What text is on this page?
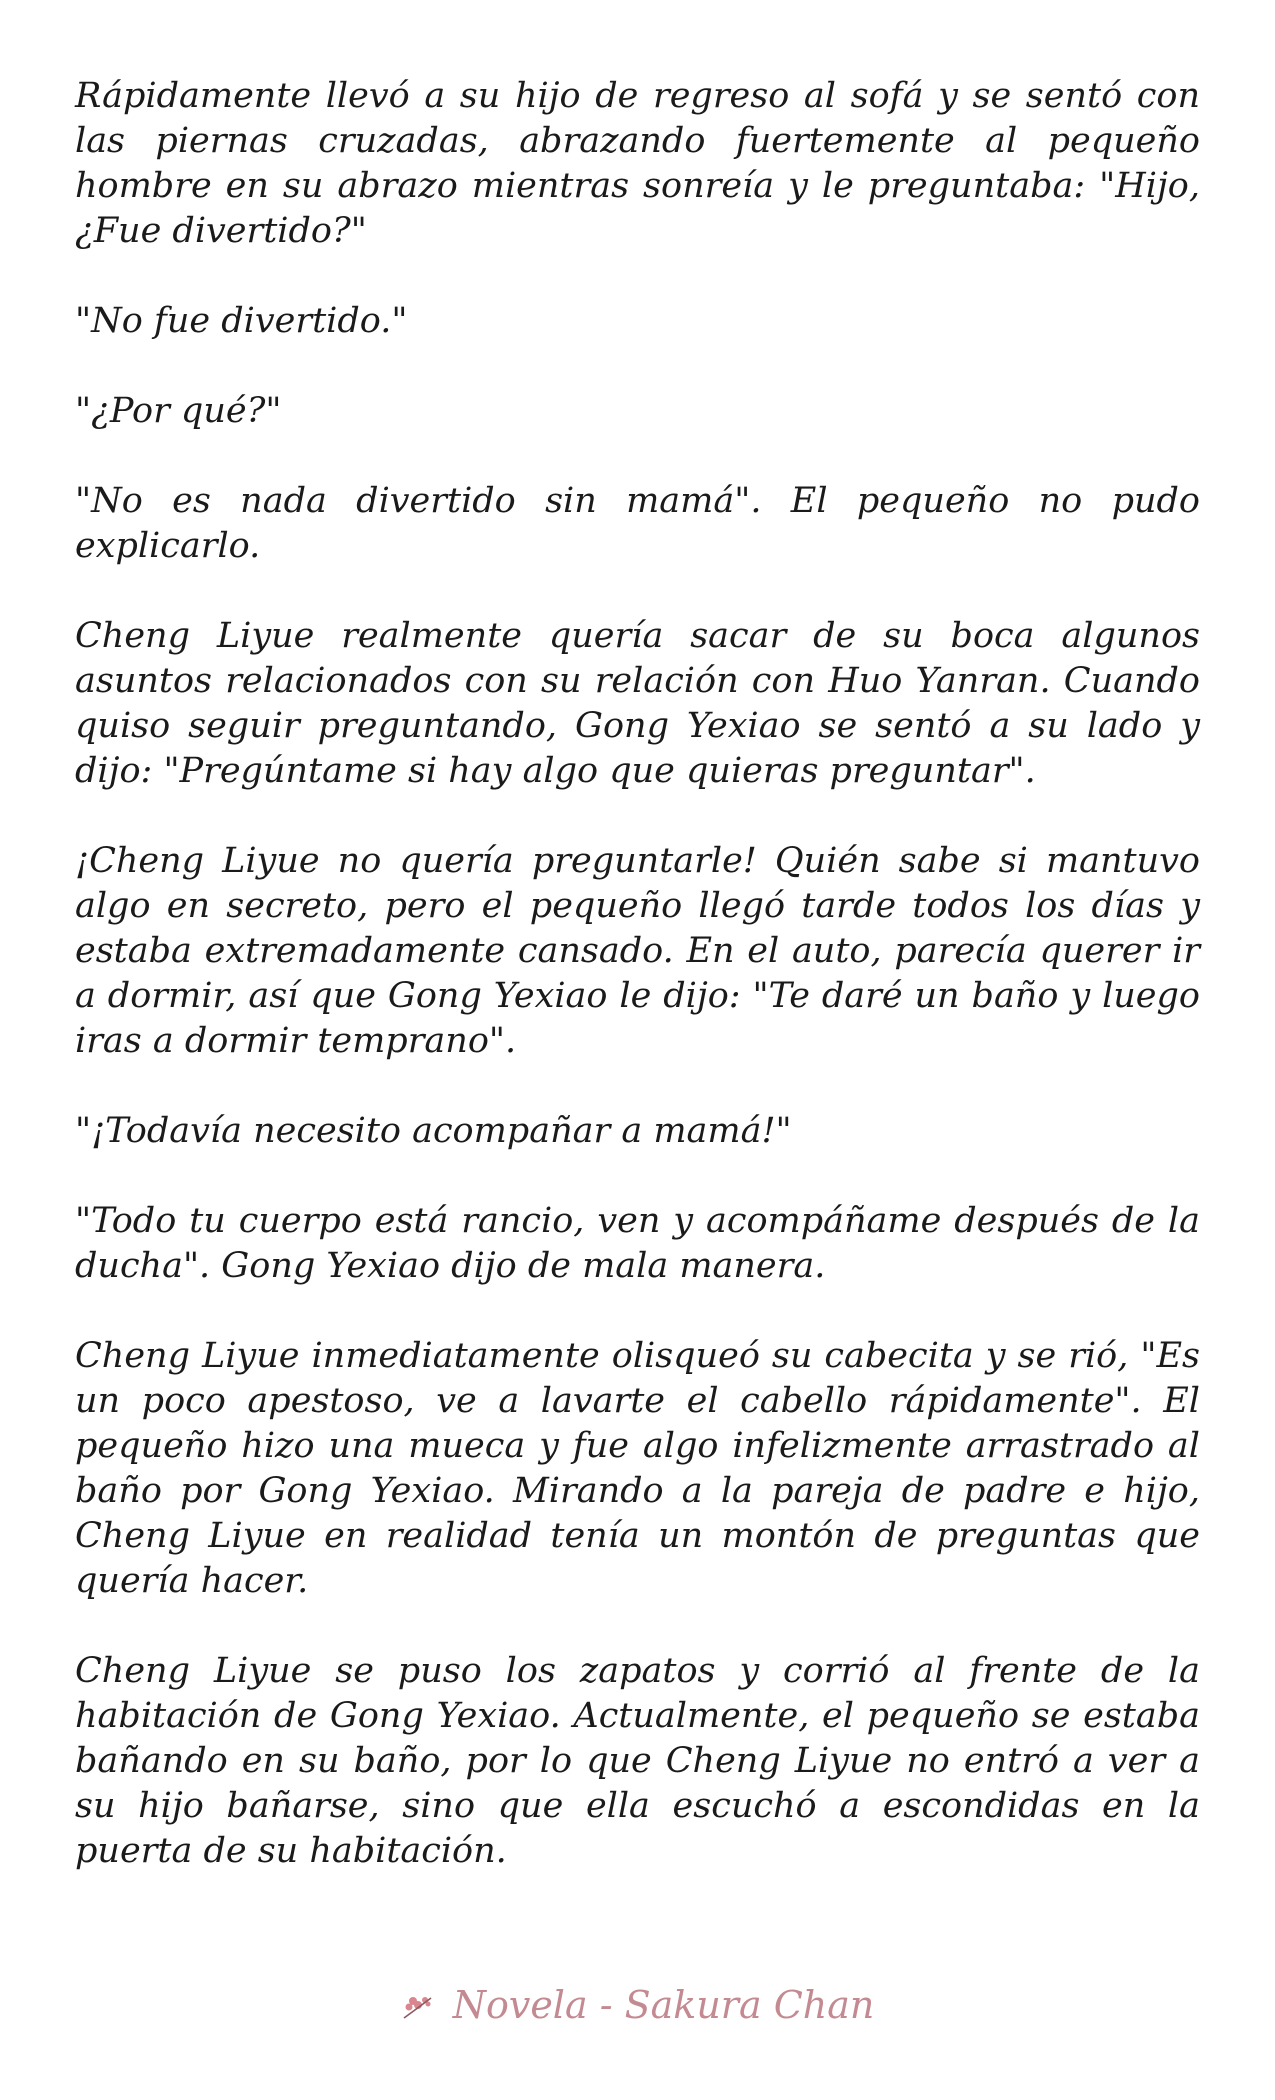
Rápidamente llevó a su hijo de regreso al sofá y se sentó con las piernas cruzadas, abrazando fuertemente al pequeño hombre en su abrazo mientras sonreía y le preguntaba: "Hijo, ¿Fue divertido?"

"No fue divertido."

"¿Por qué?"

"No es nada divertido sin mamá". El pequeño no pudo explicarlo.

Cheng Liyue realmente quería sacar de su boca algunos asuntos relacionados con su relación con Huo Yanran. Cuando quiso seguir preguntando, Gong Yexiao se sentó a su lado y dijo: "Pregúntame si hay algo que quieras preguntar".

¡Cheng Liyue no quería preguntarle! Quién sabe si mantuvo algo en secreto, pero el pequeño llegó tarde todos los días y estaba extremadamente cansado. En el auto, parecía querer ir a dormir, así que Gong Yexiao le dijo: "Te daré un baño y luego iras a dormir temprano".

"¡Todavía necesito acompañar a mamá!"

"Todo tu cuerpo está rancio, ven y acompáñame después de la ducha". Gong Yexiao dijo de mala manera.

Cheng Liyue inmediatamente olisqueó su cabecita y se rió, "Es un poco apestoso, ve a lavarte el cabello rápidamente". El pequeño hizo una mueca y fue algo infelizmente arrastrado al baño por Gong Yexiao. Mirando a la pareja de padre e hijo, Cheng Liyue en realidad tenía un montón de preguntas que quería hacer.

Cheng Liyue se puso los zapatos y corrió al frente de la habitación de Gong Yexiao. Actualmente, el pequeño se estaba bañando en su baño, por lo que Cheng Liyue no entró a ver a su hijo bañarse, sino que ella escuchó a escondidas en la puerta de su habitación.

Novela - Sakura Chan
